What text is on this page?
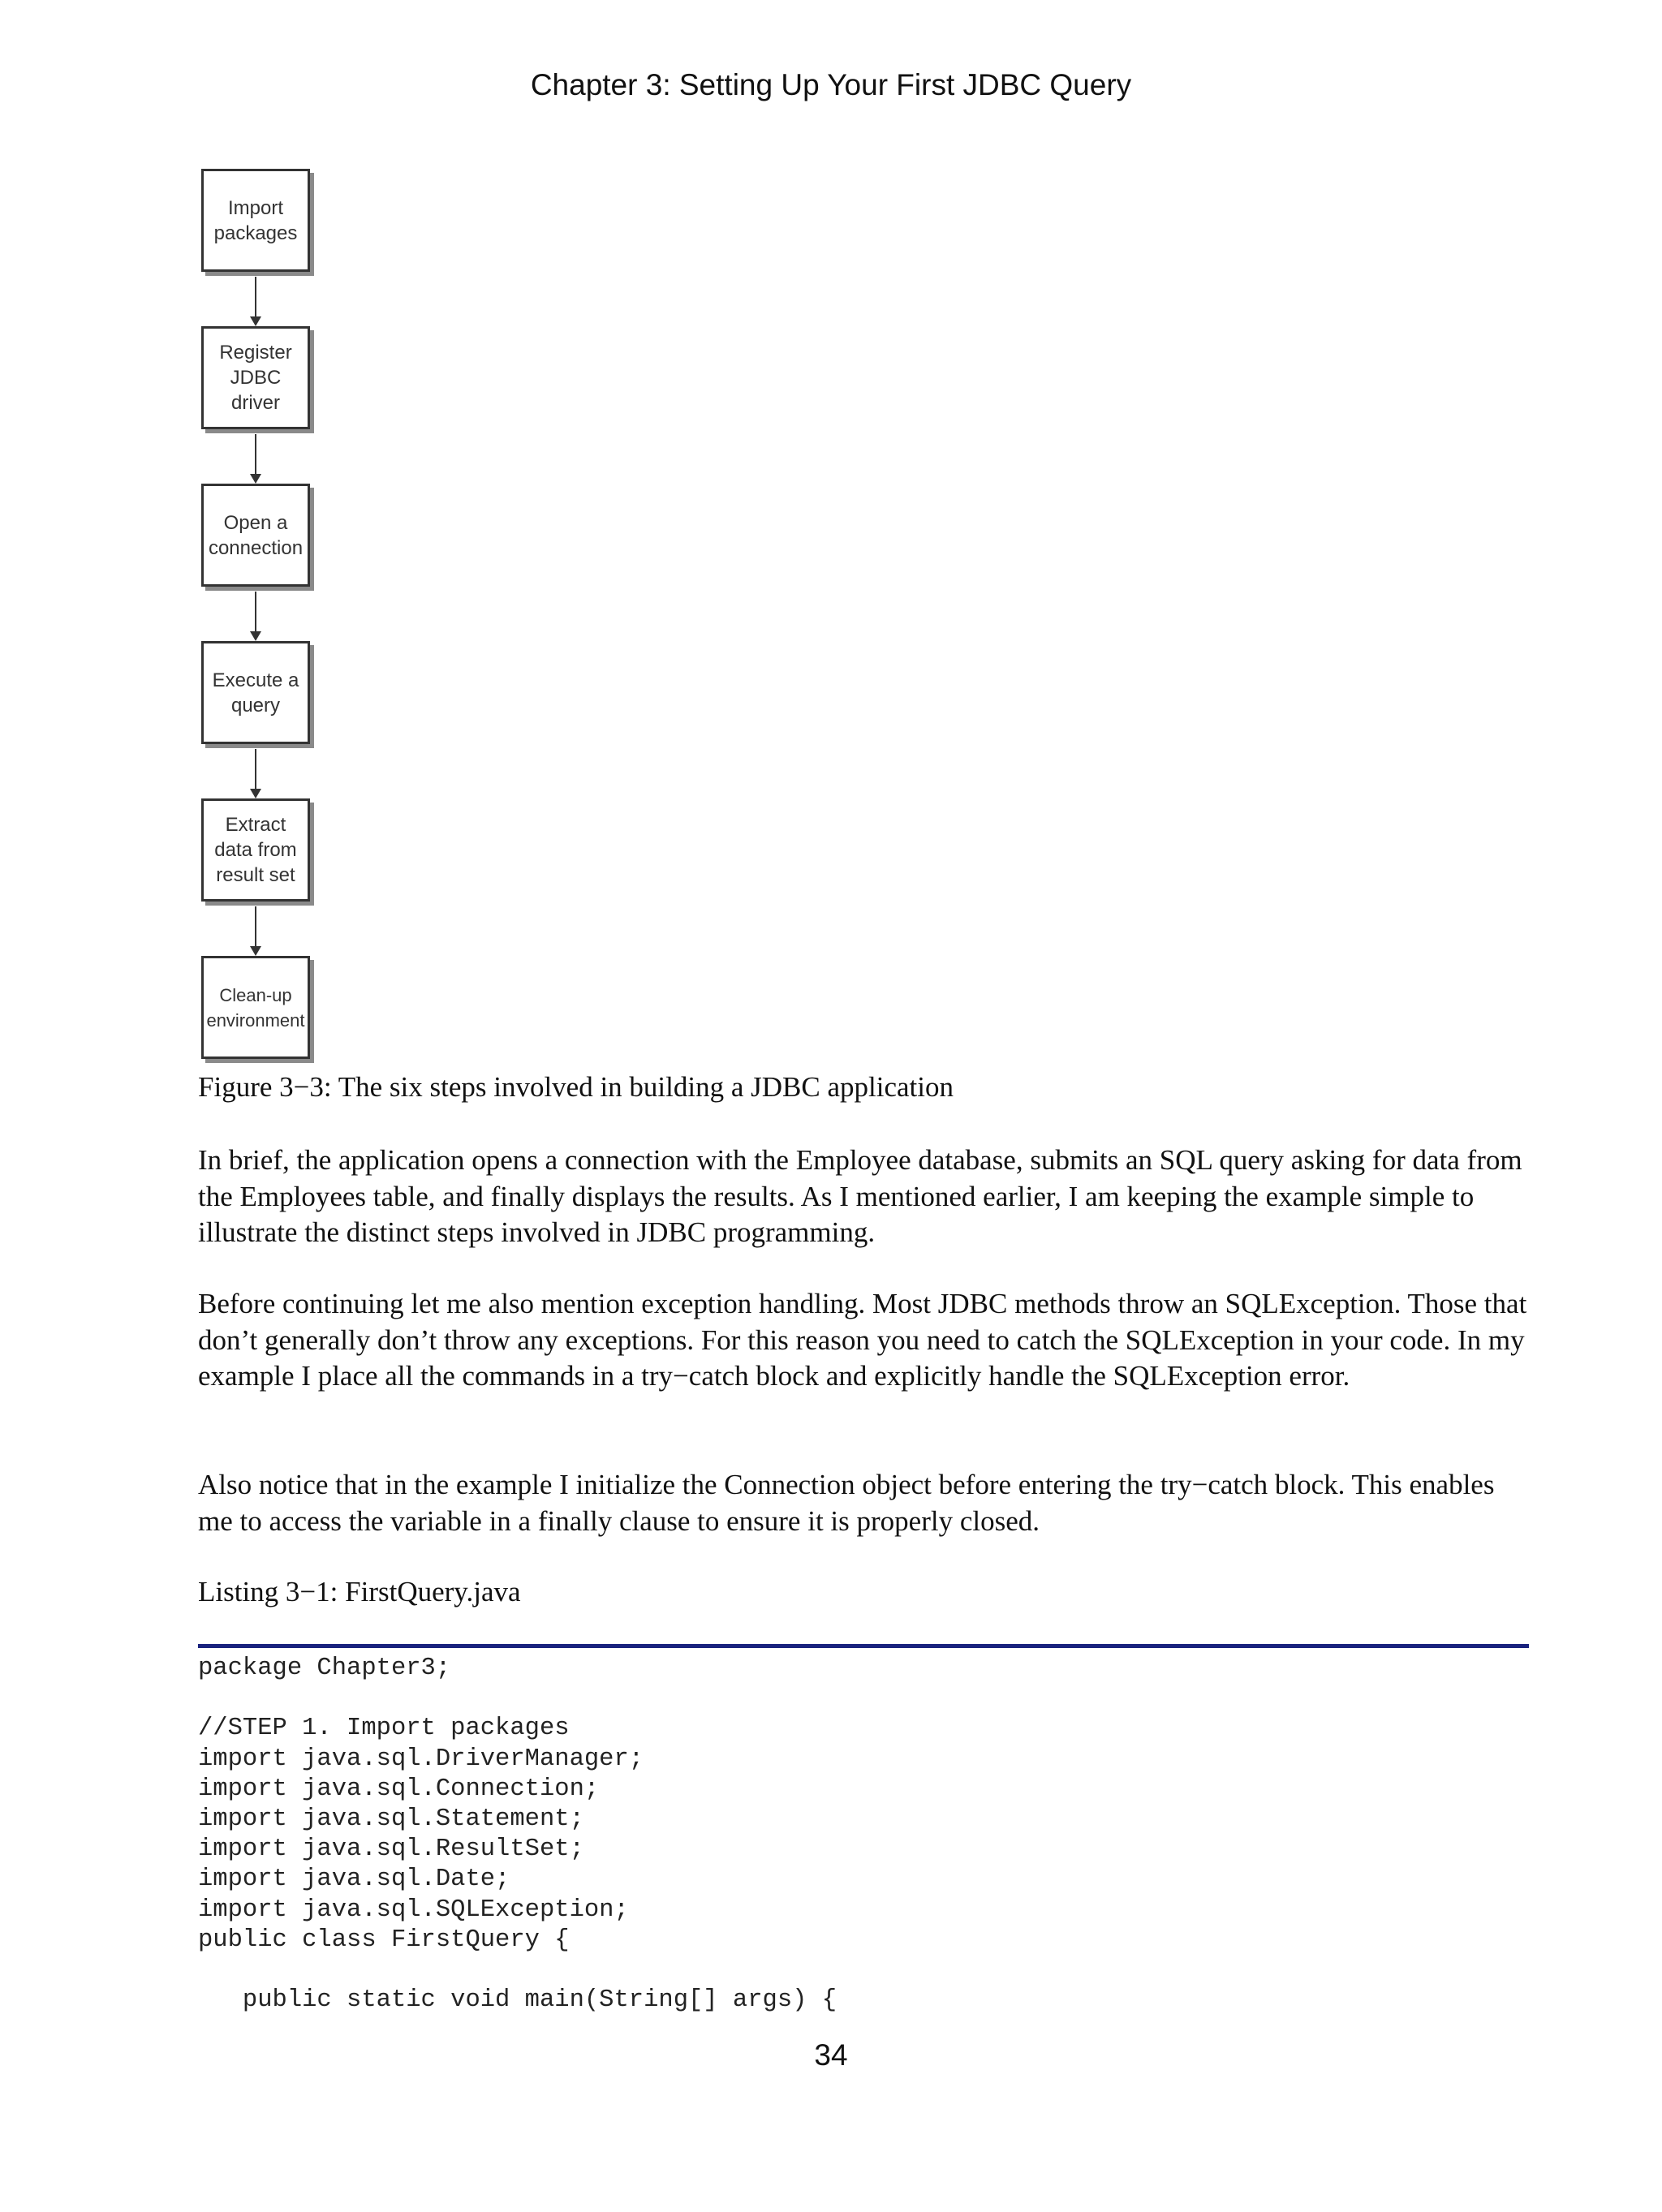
Chapter 3: Setting Up Your First JDBC Query
Import
packages
Register
JDBC
driver
Open a
connection
Execute a
query
Extract
data from
result set
Clean-up
environment
Figure 3−3: The six steps involved in building a JDBC application
In brief, the application opens a connection with the Employee database, submits an SQL query asking for data from the Employees table, and finally displays the results. As I mentioned earlier, I am keeping the example simple to illustrate the distinct steps involved in JDBC programming.
Before continuing let me also mention exception handling. Most JDBC methods throw an SQLException. Those that don’t generally don’t throw any exceptions. For this reason you need to catch the SQLException in your code. In my example I place all the commands in a try−catch block and explicitly handle the SQLException error.
Also notice that in the example I initialize the Connection object before entering the try−catch block. This enables me to access the variable in a finally clause to ensure it is properly closed.
Listing 3−1: FirstQuery.java
package Chapter3;
//STEP 1. Import packages
import java.sql.DriverManager;
import java.sql.Connection;
import java.sql.Statement;
import java.sql.ResultSet;
import java.sql.Date;
import java.sql.SQLException;
public class FirstQuery {
public static void main(String[] args) {
34
